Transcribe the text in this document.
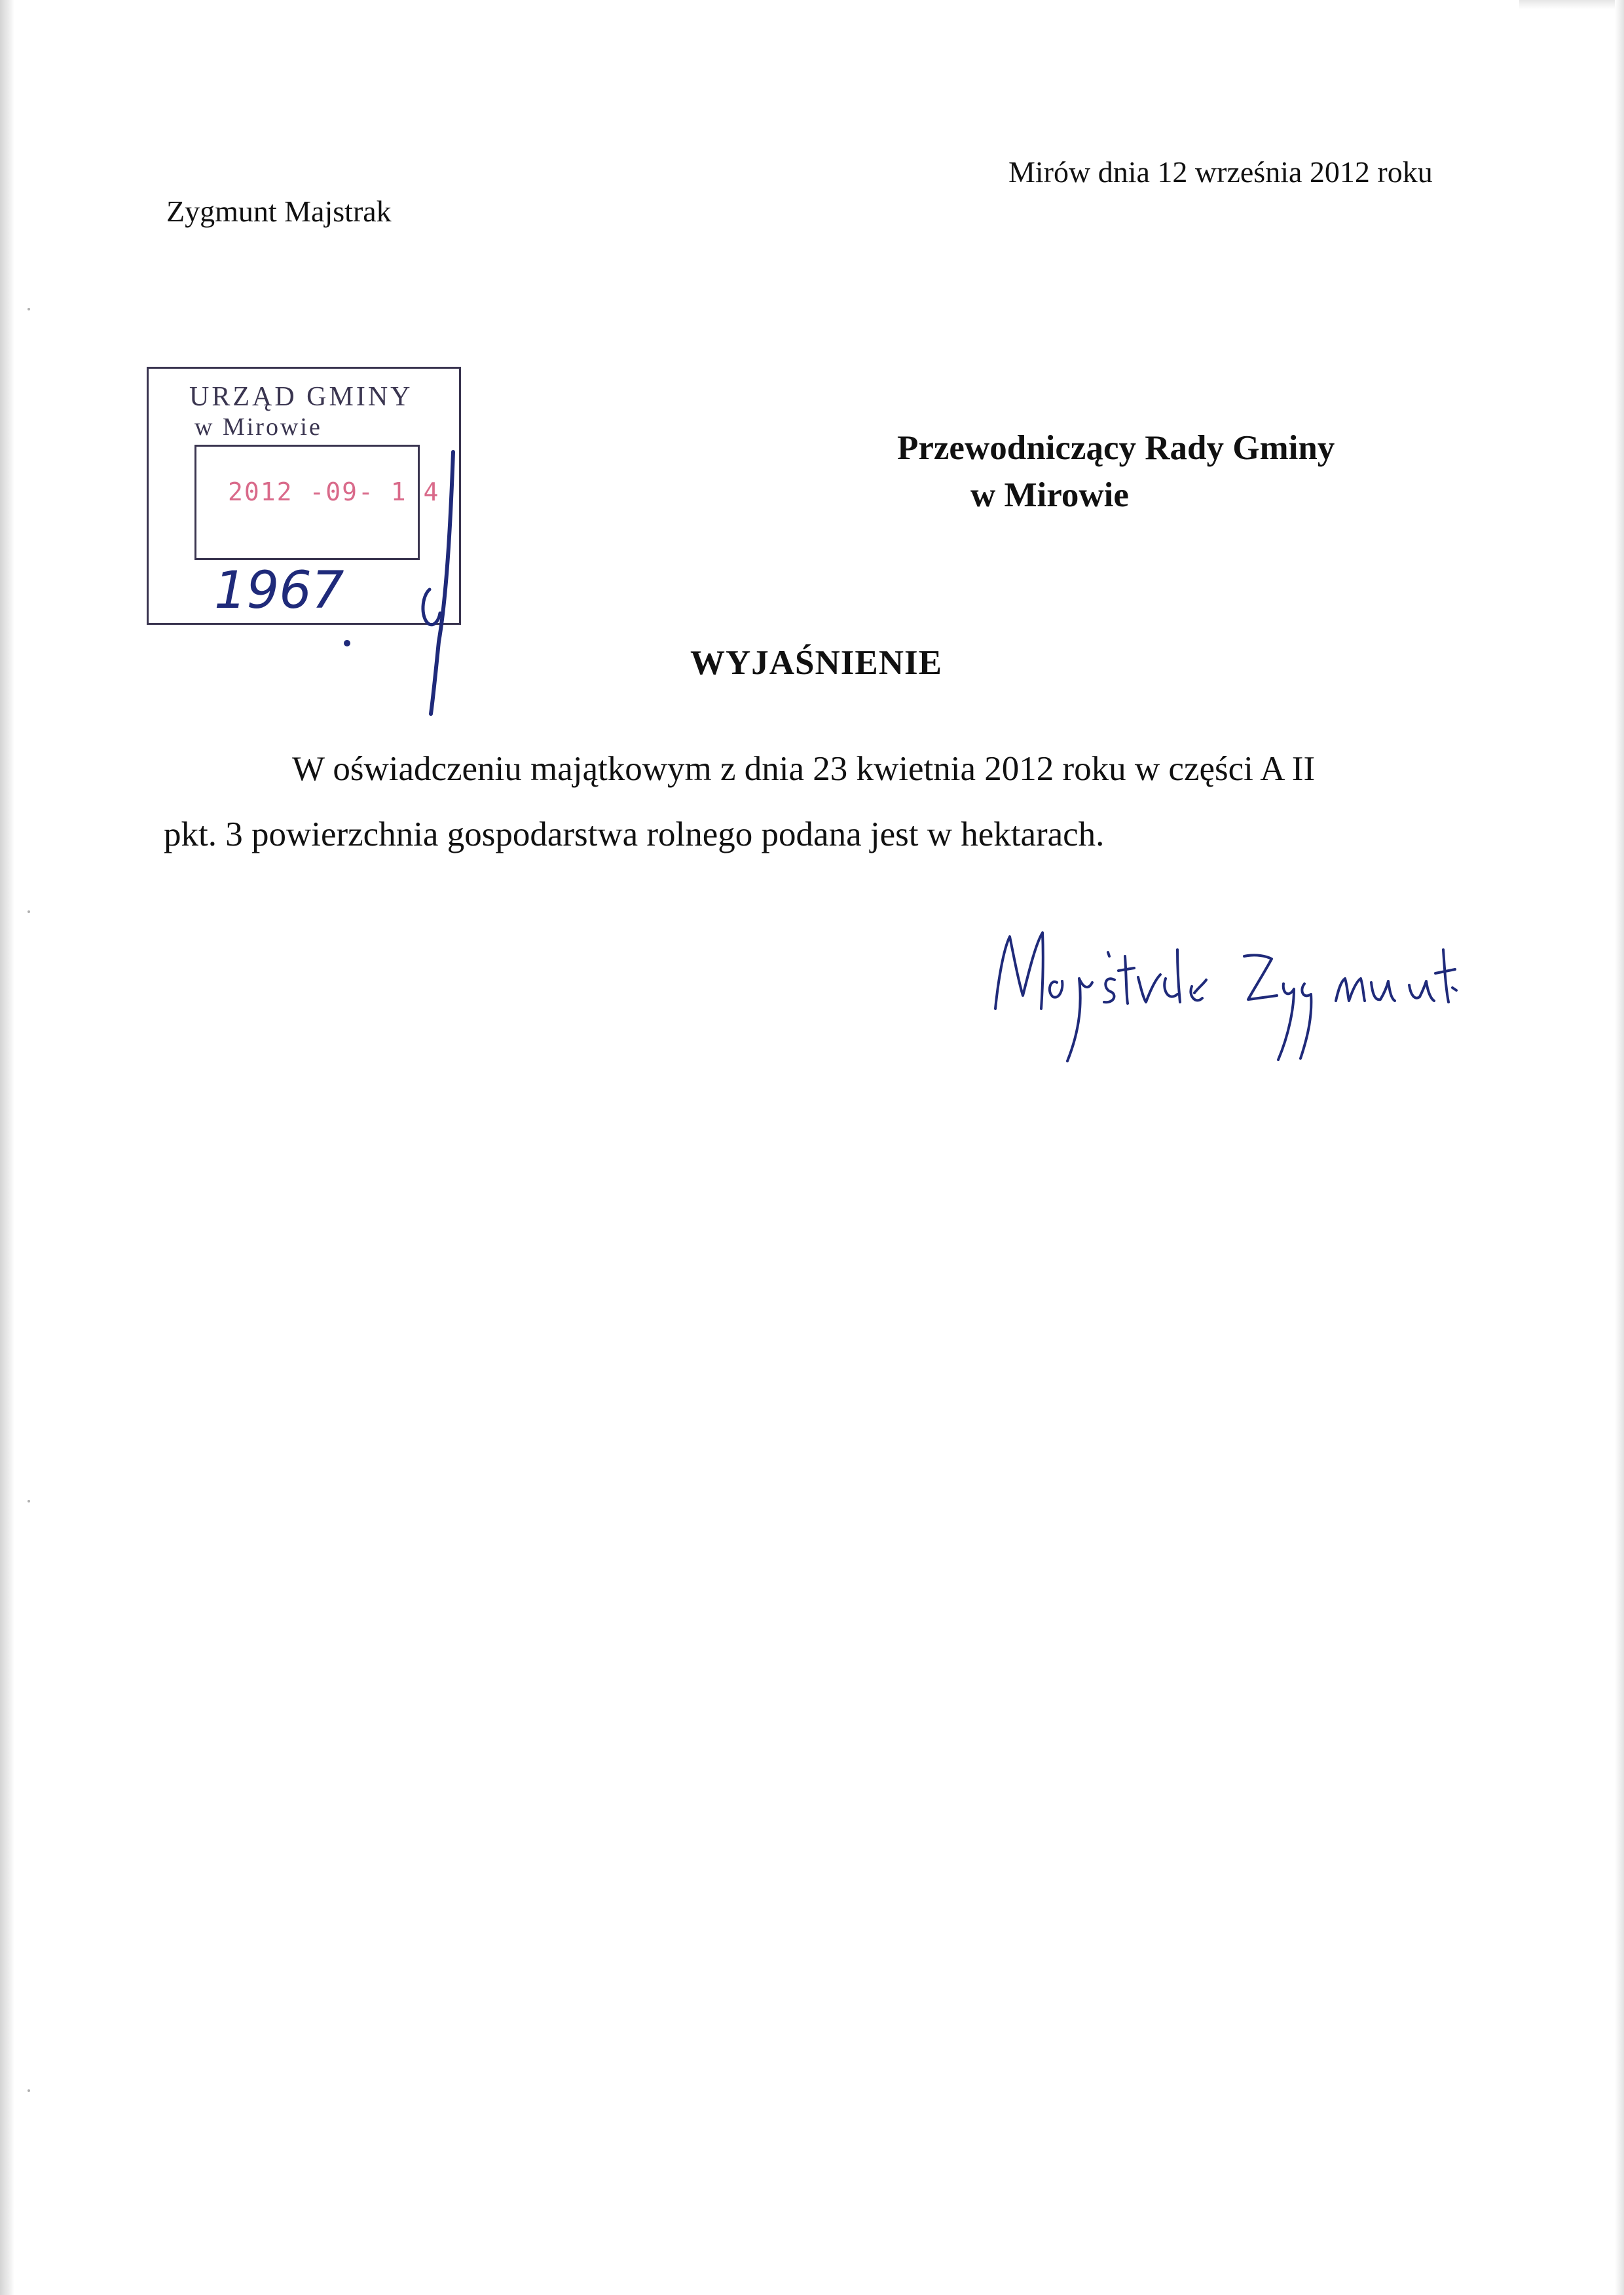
Mirów dnia 12 września 2012 roku
Zygmunt Majstrak
URZĄD GMINY
w Mirowie
2012 -09- 1 4
1967
Przewodniczący Rady Gminy
w Mirowie
WYJAŚNIENIE
W oświadczeniu majątkowym z dnia 23 kwietnia 2012 roku w części A II
pkt. 3 powierzchnia gospodarstwa rolnego podana jest w hektarach.
